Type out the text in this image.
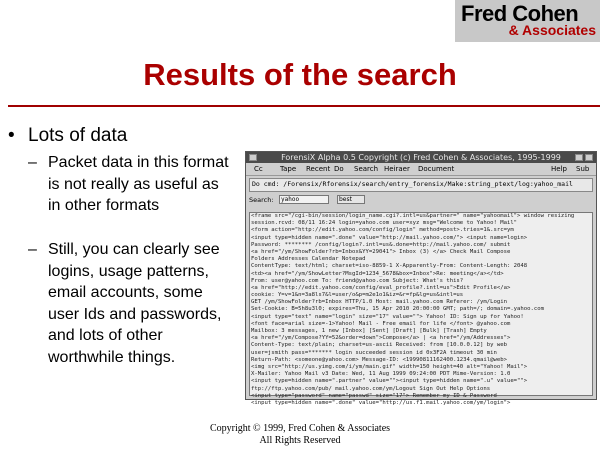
Fred Cohen
& Associates
Results of the search
• Lots of data
– Packet data in this format is not really as useful as in other formats
– Still, you can clearly see logins, usage patterns, email accounts, some user Ids and passwords, and lots of other worthwhile things.
ForensiX Alpha 0.5 Copyright (c) Fred Cohen & Associates, 1995-1999
Cc Tape Recent Do Search Heiraer Document	Help Sub
Do cmd: /Forensix/Rforensix/search/entry_forensix/Make:string_ptext/log:yahoo_mail
Search:	yahoo	best
<frame src="/cgi-bin/session/login_name.cgi?.intl=us&partner=" name="yahoomail"> window resizing
session.rcvd: 08/11 16:24 login=yahoo.com user=xyz msg="Welcome to Yahoo! Mail"
<form action="http://edit.yahoo.com/config/login" method=post>.tries=1&.src=ym
<input type=hidden name=".done" value="http://mail.yahoo.com/"> <input name=login>
Password: ******** /config/login?.intl=us&.done=http://mail.yahoo.com/ submit
<a href="/ym/ShowFolder?rb=Inbox&YY=29041"> Inbox (3) </a> Check Mail Compose
Folders Addresses Calendar Notepad
ContentType: text/html; charset=iso-8859-1 X-Apparently-From: Content-Length: 2048
<td><a href="/ym/ShowLetter?MsgId=1234_5678&box=Inbox">Re: meeting</a></td>
From: user@yahoo.com To: friend@yahoo.com Subject: What's this?
<a href="http://edit.yahoo.com/config/eval_profile?.intl=us">Edit Profile</a>
cookie: Y=v=1&n=3a8ls7&l=user/o&p=m2e1o1&iz=&r=fp&lg=us&intl=us
GET /ym/ShowFolder?rb=Inbox HTTP/1.0 Host: mail.yahoo.com Referer: /ym/Login
Set-Cookie: B=5h8u3l0; expires=Thu, 15 Apr 2010 20:00:00 GMT; path=/; domain=.yahoo.com
<input type="text" name="login" size="17" value=""> Yahoo! ID: Sign up for Yahoo!
<font face=arial size=-1>Yahoo! Mail - Free email for life </font> @yahoo.com
Mailbox: 3 messages, 1 new [Inbox] [Sent] [Draft] [Bulk] [Trash] Empty
<a href="/ym/Compose?YY=52&order=down">Compose</a> | <a href="/ym/Addresses">
Content-Type: text/plain; charset=us-ascii Received: from [10.0.0.12] by web
user=jsmith pass=******* login succeeded session id 0x3F2A timeout 30 min
Return-Path: <someone@yahoo.com> Message-ID: <19990811162400.1234.qmail@web>
<img src="http://us.yimg.com/i/ym/main.gif" width=150 height=40 alt="Yahoo! Mail">
X-Mailer: Yahoo Mail v3 Date: Wed, 11 Aug 1999 09:24:00 PDT Mime-Version: 1.0
<input type=hidden name=".partner" value=""><input type=hidden name=".u" value="">
ftp://ftp.yahoo.com/pub/ mail.yahoo.com/ym/Logout Sign Out Help Options
<input type="password" name="passwd" size="17"> Remember my ID & Password
<input type=hidden name=".done" value="http://us.f1.mail.yahoo.com/ym/login">
Copyright © 1999, Fred Cohen & Associates
All Rights Reserved
